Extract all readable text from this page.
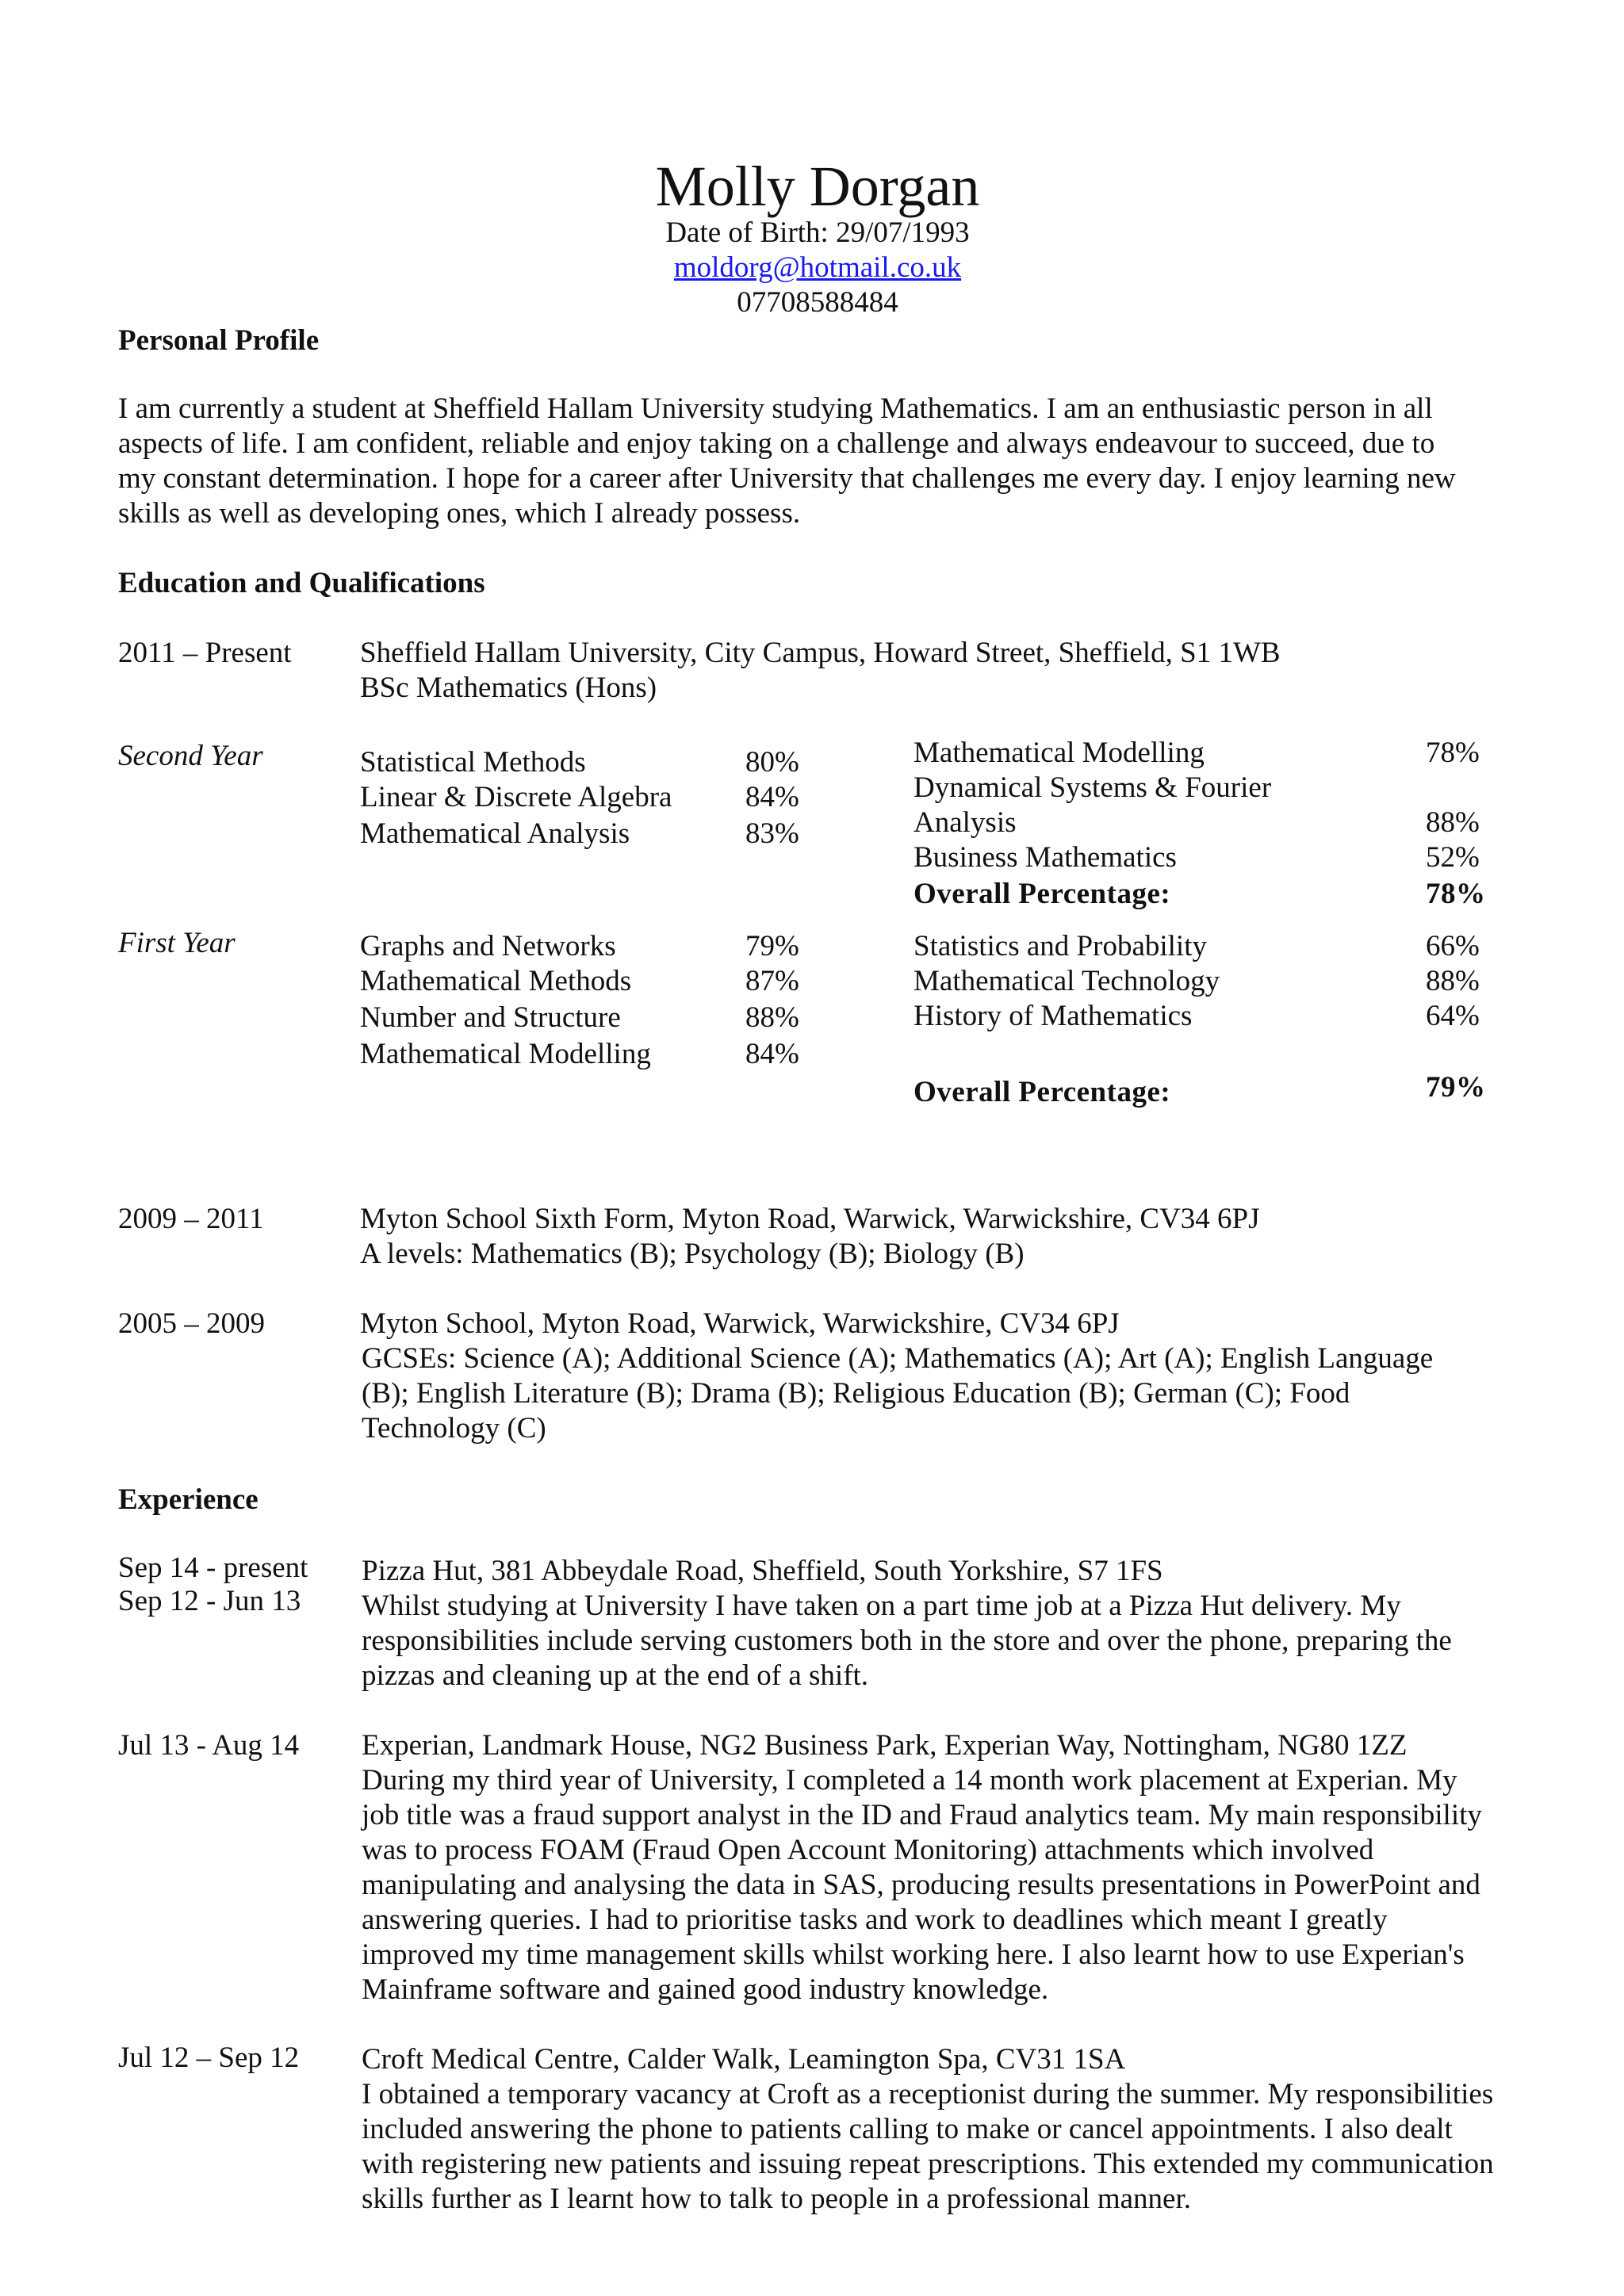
Molly Dorgan
Date of Birth: 29/07/1993
moldorg@hotmail.co.uk
07708588484
Personal Profile
I am currently a student at Sheffield Hallam University studying Mathematics. I am an enthusiastic person in all
aspects of life. I am confident, reliable and enjoy taking on a challenge and always endeavour to succeed, due to
my constant determination. I hope for a career after University that challenges me every day. I enjoy learning new
skills as well as developing ones, which I already possess.
Education and Qualifications
2011 – Present Sheffield Hallam University, City Campus, Howard Street, Sheffield, S1 1WB
BSc Mathematics (Hons)
Second Year	Statistical Methods	80%
Linear & Discrete Algebra	84%
Mathematical Analysis	83%
Mathematical Modelling	78%
Dynamical Systems & Fourier
Analysis	88%
Business Mathematics	52%
Overall Percentage:	78%
First Year	Graphs and Networks	79%
Mathematical Methods	87%
Number and Structure	88%
Mathematical Modelling	84%
Statistics and Probability	66%
Mathematical Technology	88%
History of Mathematics	64%
Overall Percentage:	79%
2009 – 2011	Myton School Sixth Form, Myton Road, Warwick, Warwickshire, CV34 6PJ
A levels: Mathematics (B); Psychology (B); Biology (B)
2005 – 2009	Myton School, Myton Road, Warwick, Warwickshire, CV34 6PJ
GCSEs: Science (A); Additional Science (A); Mathematics (A); Art (A); English Language
(B); English Literature (B); Drama (B); Religious Education (B); German (C); Food
Technology (C)
Experience
Sep 14 - present
Sep 12 - Jun 13
Pizza Hut, 381 Abbeydale Road, Sheffield, South Yorkshire, S7 1FS
Whilst studying at University I have taken on a part time job at a Pizza Hut delivery. My
responsibilities include serving customers both in the store and over the phone, preparing the
pizzas and cleaning up at the end of a shift.
Jul 13 - Aug 14 Experian, Landmark House, NG2 Business Park, Experian Way, Nottingham, NG80 1ZZ
During my third year of University, I completed a 14 month work placement at Experian. My
job title was a fraud support analyst in the ID and Fraud analytics team. My main responsibility
was to process FOAM (Fraud Open Account Monitoring) attachments which involved
manipulating and analysing the data in SAS, producing results presentations in PowerPoint and
answering queries. I had to prioritise tasks and work to deadlines which meant I greatly
improved my time management skills whilst working here. I also learnt how to use Experian's
Mainframe software and gained good industry knowledge.
Jul 12 – Sep 12 Croft Medical Centre, Calder Walk, Leamington Spa, CV31 1SA
I obtained a temporary vacancy at Croft as a receptionist during the summer. My responsibilities
included answering the phone to patients calling to make or cancel appointments. I also dealt
with registering new patients and issuing repeat prescriptions. This extended my communication
skills further as I learnt how to talk to people in a professional manner.
